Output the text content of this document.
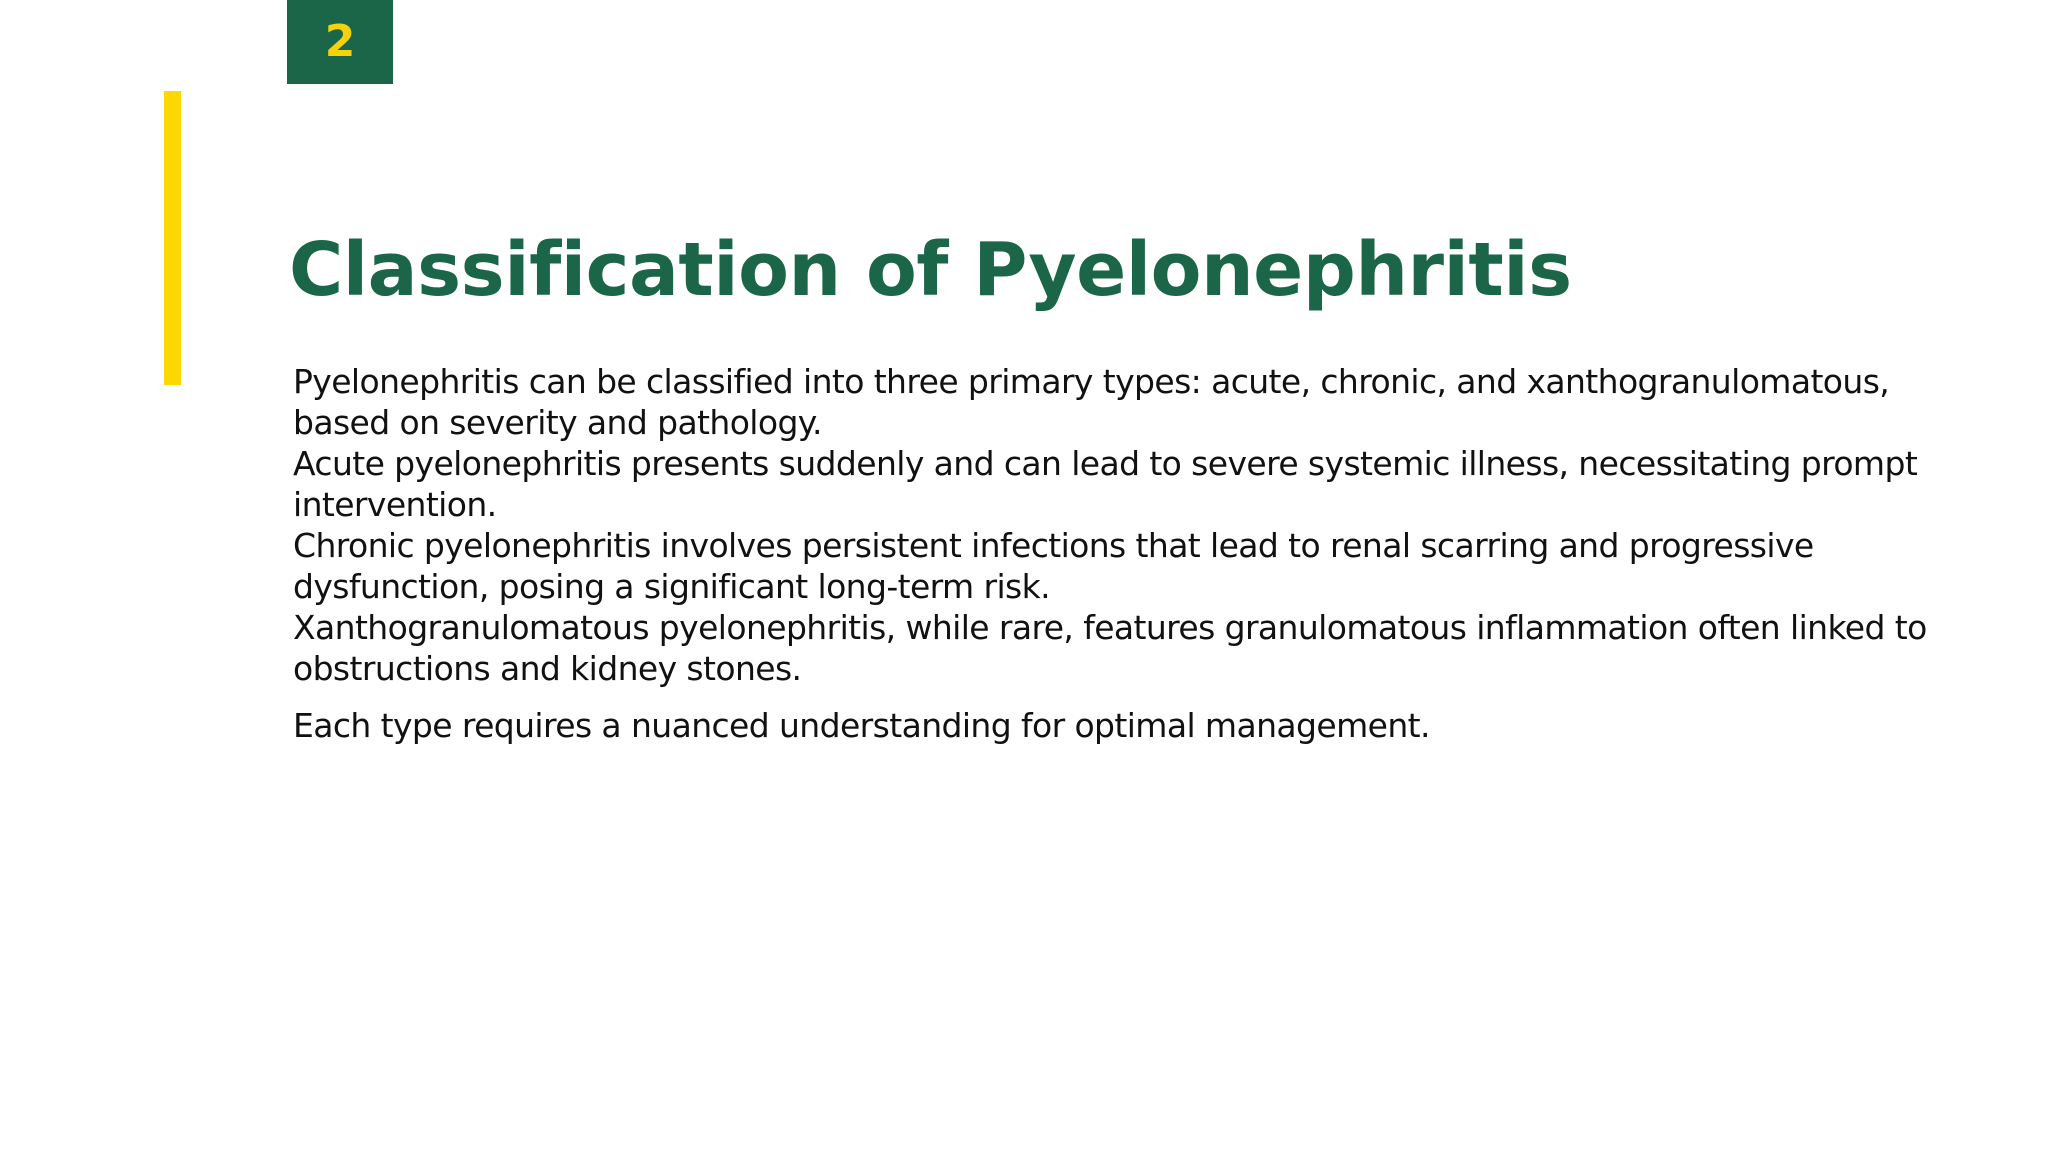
2
Classification of Pyelonephritis

Pyelonephritis can be classified into three primary types: acute, chronic, and xanthogranulomatous, based on severity and pathology.

Acute pyelonephritis presents suddenly and can lead to severe systemic illness, necessitating prompt intervention.

Chronic pyelonephritis involves persistent infections that lead to renal scarring and progressive dysfunction, posing a significant long-term risk.

Xanthogranulomatous pyelonephritis, while rare, features granulomatous inflammation often linked to obstructions and kidney stones.

Each type requires a nuanced understanding for optimal management.
